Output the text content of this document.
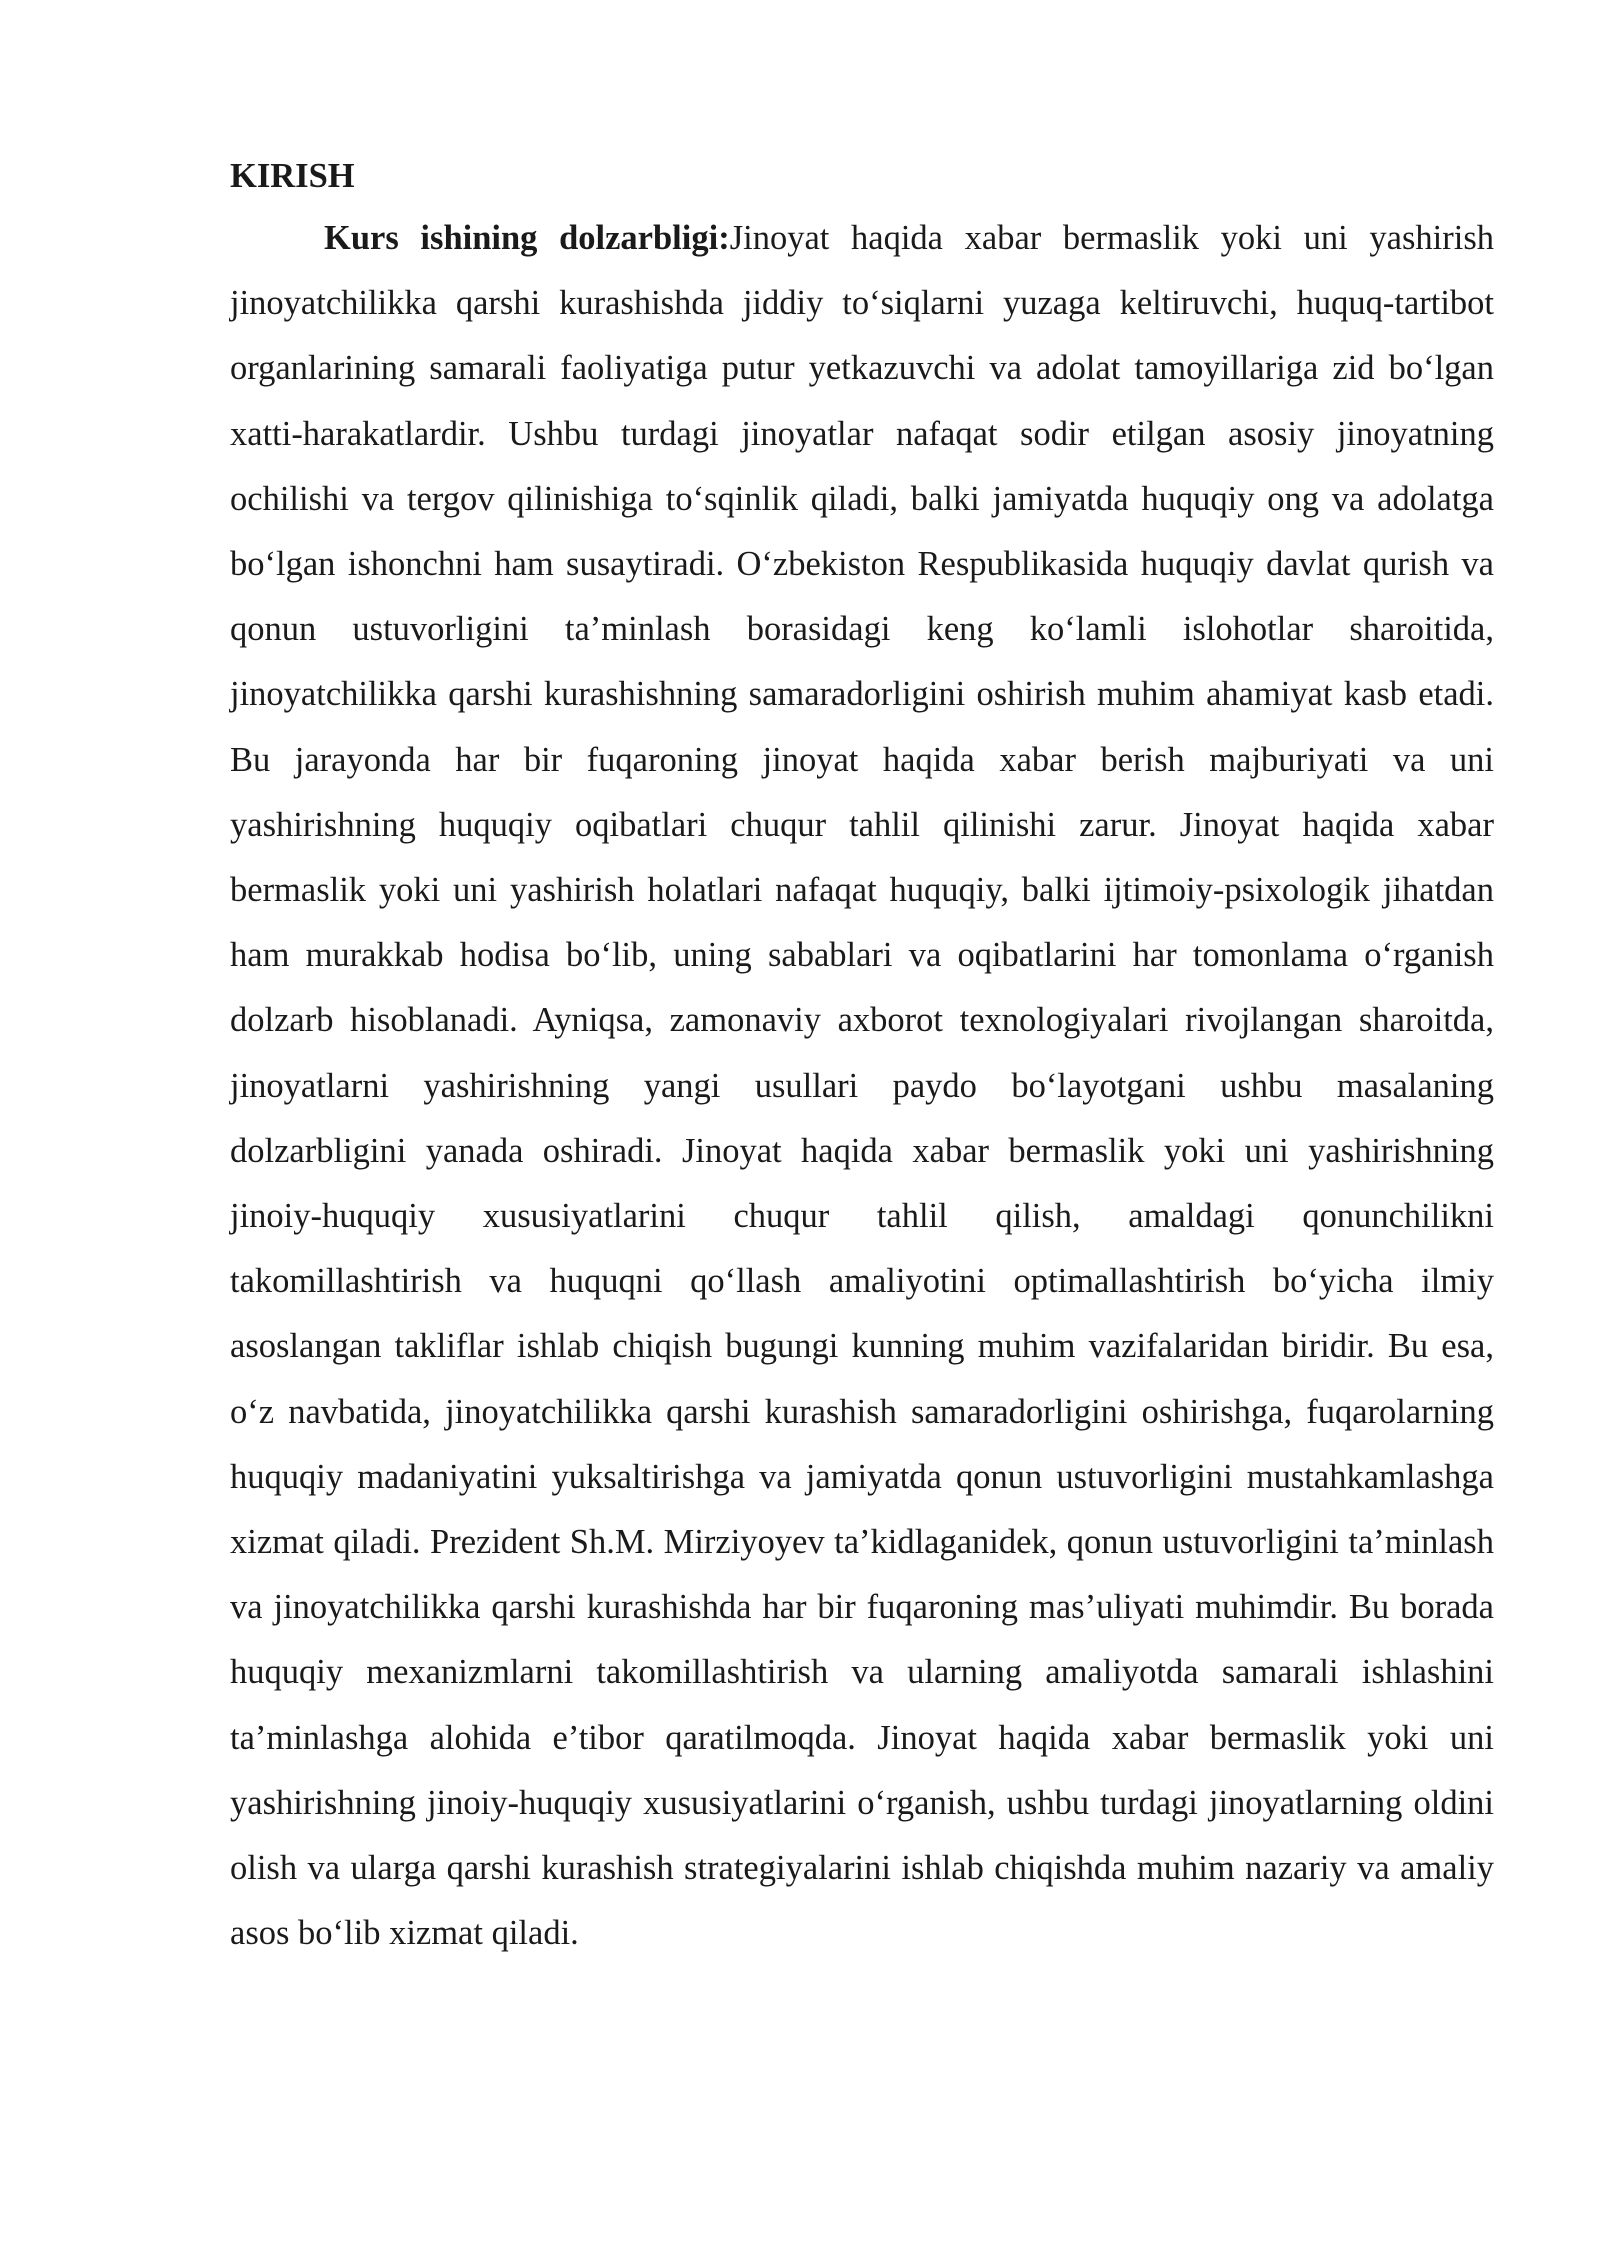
KIRISH

Kurs ishining dolzarbligi:Jinoyat haqida xabar bermaslik yoki uni yashirish jinoyatchilikka qarshi kurashishda jiddiy to‘siqlarni yuzaga keltiruvchi, huquq-tartibot organlarining samarali faoliyatiga putur yetkazuvchi va adolat tamoyillariga zid bo‘lgan xatti-harakatlardir. Ushbu turdagi jinoyatlar nafaqat sodir etilgan asosiy jinoyatning ochilishi va tergov qilinishiga to‘sqinlik qiladi, balki jamiyatda huquqiy ong va adolatga bo‘lgan ishonchni ham susaytiradi. O‘zbekiston Respublikasida huquqiy davlat qurish va qonun ustuvorligini ta’minlash borasidagi keng ko‘lamli islohotlar sharoitida, jinoyatchilikka qarshi kurashishning samaradorligini oshirish muhim ahamiyat kasb etadi. Bu jarayonda har bir fuqaroning jinoyat haqida xabar berish majburiyati va uni yashirishning huquqiy oqibatlari chuqur tahlil qilinishi zarur. Jinoyat haqida xabar bermaslik yoki uni yashirish holatlari nafaqat huquqiy, balki ijtimoiy-psixologik jihatdan ham murakkab hodisa bo‘lib, uning sabablari va oqibatlarini har tomonlama o‘rganish dolzarb hisoblanadi. Ayniqsa, zamonaviy axborot texnologiyalari rivojlangan sharoitda, jinoyatlarni yashirishning yangi usullari paydo bo‘layotgani ushbu masalaning dolzarbligini yanada oshiradi. Jinoyat haqida xabar bermaslik yoki uni yashirishning jinoiy-huquqiy xususiyatlarini chuqur tahlil qilish, amaldagi qonunchilikni takomillashtirish va huquqni qo‘llash amaliyotini optimallashtirish bo‘yicha ilmiy asoslangan takliflar ishlab chiqish bugungi kunning muhim vazifalaridan biridir. Bu esa, o‘z navbatida, jinoyatchilikka qarshi kurashish samaradorligini oshirishga, fuqarolarning huquqiy madaniyatini yuksaltirishga va jamiyatda qonun ustuvorligini mustahkamlashga xizmat qiladi. Prezident Sh.M. Mirziyoyev ta’kidlaganidek, qonun ustuvorligini ta’minlash va jinoyatchilikka qarshi kurashishda har bir fuqaroning mas’uliyati muhimdir. Bu borada huquqiy mexanizmlarni takomillashtirish va ularning amaliyotda samarali ishlashini ta’minlashga alohida e’tibor qaratilmoqda. Jinoyat haqida xabar bermaslik yoki uni yashirishning jinoiy-huquqiy xususiyatlarini o‘rganish, ushbu turdagi jinoyatlarning oldini olish va ularga qarshi kurashish strategiyalarini ishlab chiqishda muhim nazariy va amaliy asos bo‘lib xizmat qiladi.
